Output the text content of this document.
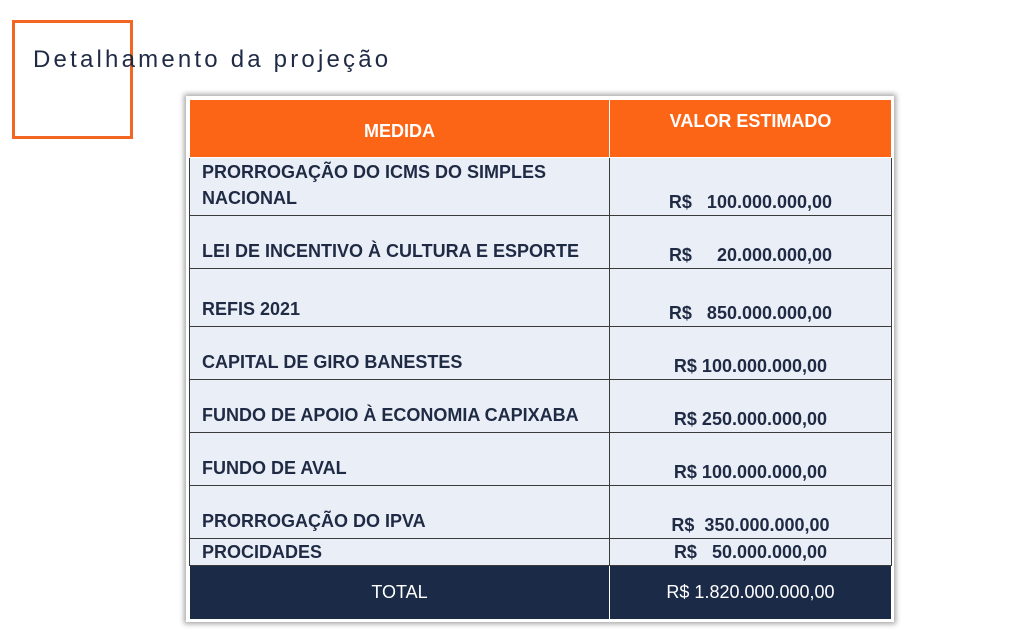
Detalhamento da projeção
MEDIDA	VALOR ESTIMADO
PRORROGAÇÃO DO ICMS DO SIMPLES NACIONAL	R$   100.000.000,00
LEI DE INCENTIVO À CULTURA E ESPORTE	R$     20.000.000,00
REFIS 2021	R$   850.000.000,00
CAPITAL DE GIRO BANESTES	R$ 100.000.000,00
FUNDO DE APOIO À ECONOMIA CAPIXABA	R$ 250.000.000,00
FUNDO DE AVAL	R$ 100.000.000,00
PRORROGAÇÃO DO IPVA	R$  350.000.000,00
PROCIDADES	R$   50.000.000,00
TOTAL	R$ 1.820.000.000,00
